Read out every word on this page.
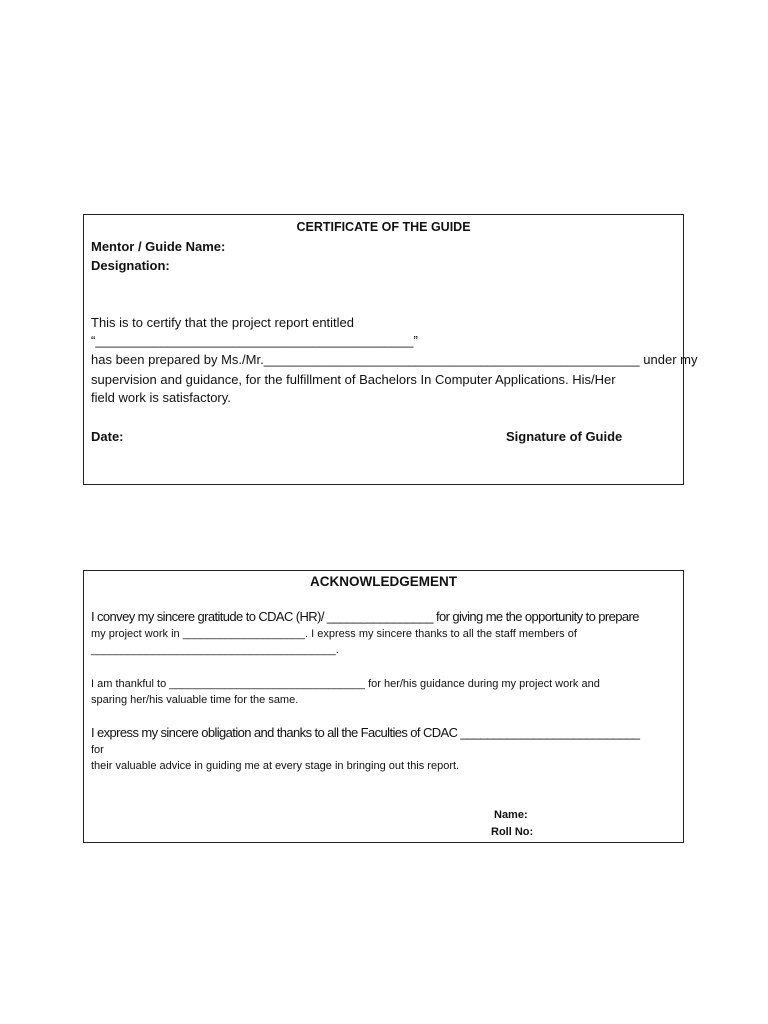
CERTIFICATE OF THE GUIDE
Mentor / Guide Name:
Designation:
This is to certify that the project report entitled
“____________________________________________”
has been prepared by Ms./Mr.____________________________________________________ under my
supervision and guidance, for the fulfillment of Bachelors In Computer Applications. His/Her
field work is satisfactory.
Date:	Signature of Guide
ACKNOWLEDGEMENT
I convey my sincere gratitude to CDAC (HR)/ ________________ for giving me the opportunity to prepare
my project work in ____________________. I express my sincere thanks to all the staff members of
________________________________________.
I am thankful to ________________________________ for her/his guidance during my project work and
sparing her/his valuable time for the same.
I express my sincere obligation and thanks to all the Faculties of CDAC ___________________________
for
their valuable advice in guiding me at every stage in bringing out this report.
Name:
Roll No:
